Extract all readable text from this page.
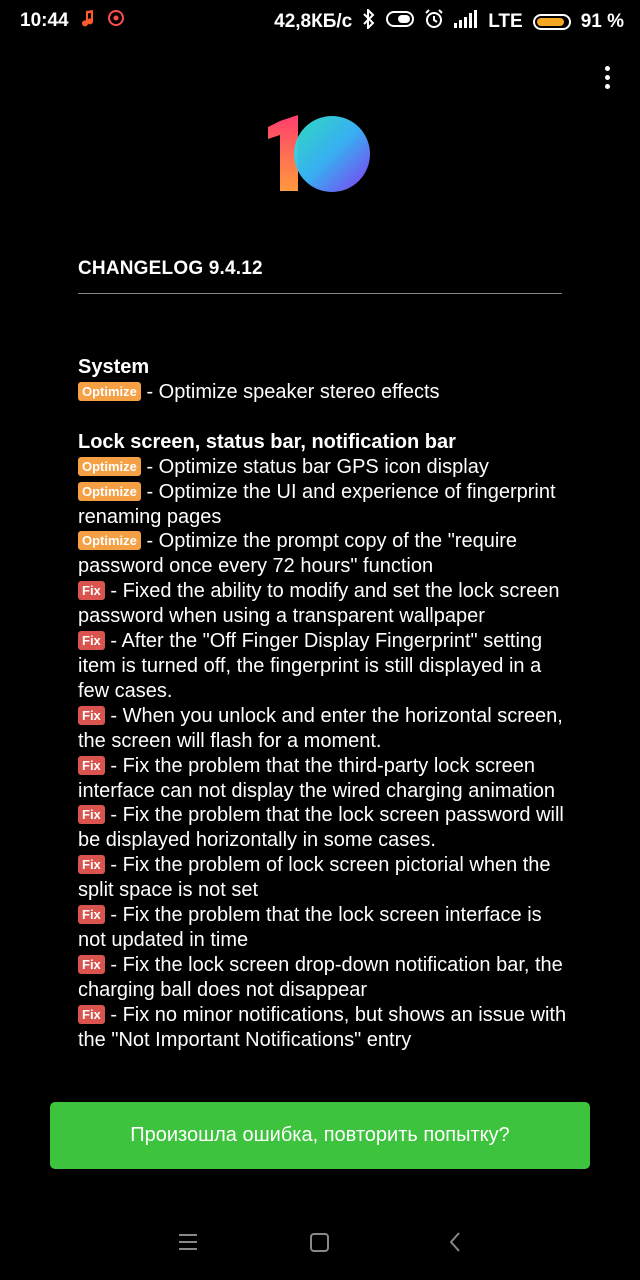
10:44	42,8КБ/с	LTE	91 %
CHANGELOG 9.4.12
System
Optimize - Optimize speaker stereo effects
Lock screen, status bar, notification bar
Optimize - Optimize status bar GPS icon display
Optimize - Optimize the UI and experience of fingerprint renaming pages
Optimize - Optimize the prompt copy of the "require password once every 72 hours" function
Fix - Fixed the ability to modify and set the lock screen password when using a transparent wallpaper
Fix - After the "Off Finger Display Fingerprint" setting item is turned off, the fingerprint is still displayed in a few cases.
Fix - When you unlock and enter the horizontal screen, the screen will flash for a moment.
Fix - Fix the problem that the third-party lock screen interface can not display the wired charging animation
Fix - Fix the problem that the lock screen password will be displayed horizontally in some cases.
Fix - Fix the problem of lock screen pictorial when the split space is not set
Fix - Fix the problem that the lock screen interface is not updated in time
Fix - Fix the lock screen drop-down notification bar, the charging ball does not disappear
Fix - Fix no minor notifications, but shows an issue with the "Not Important Notifications" entry
Произошла ошибка, повторить попытку?
